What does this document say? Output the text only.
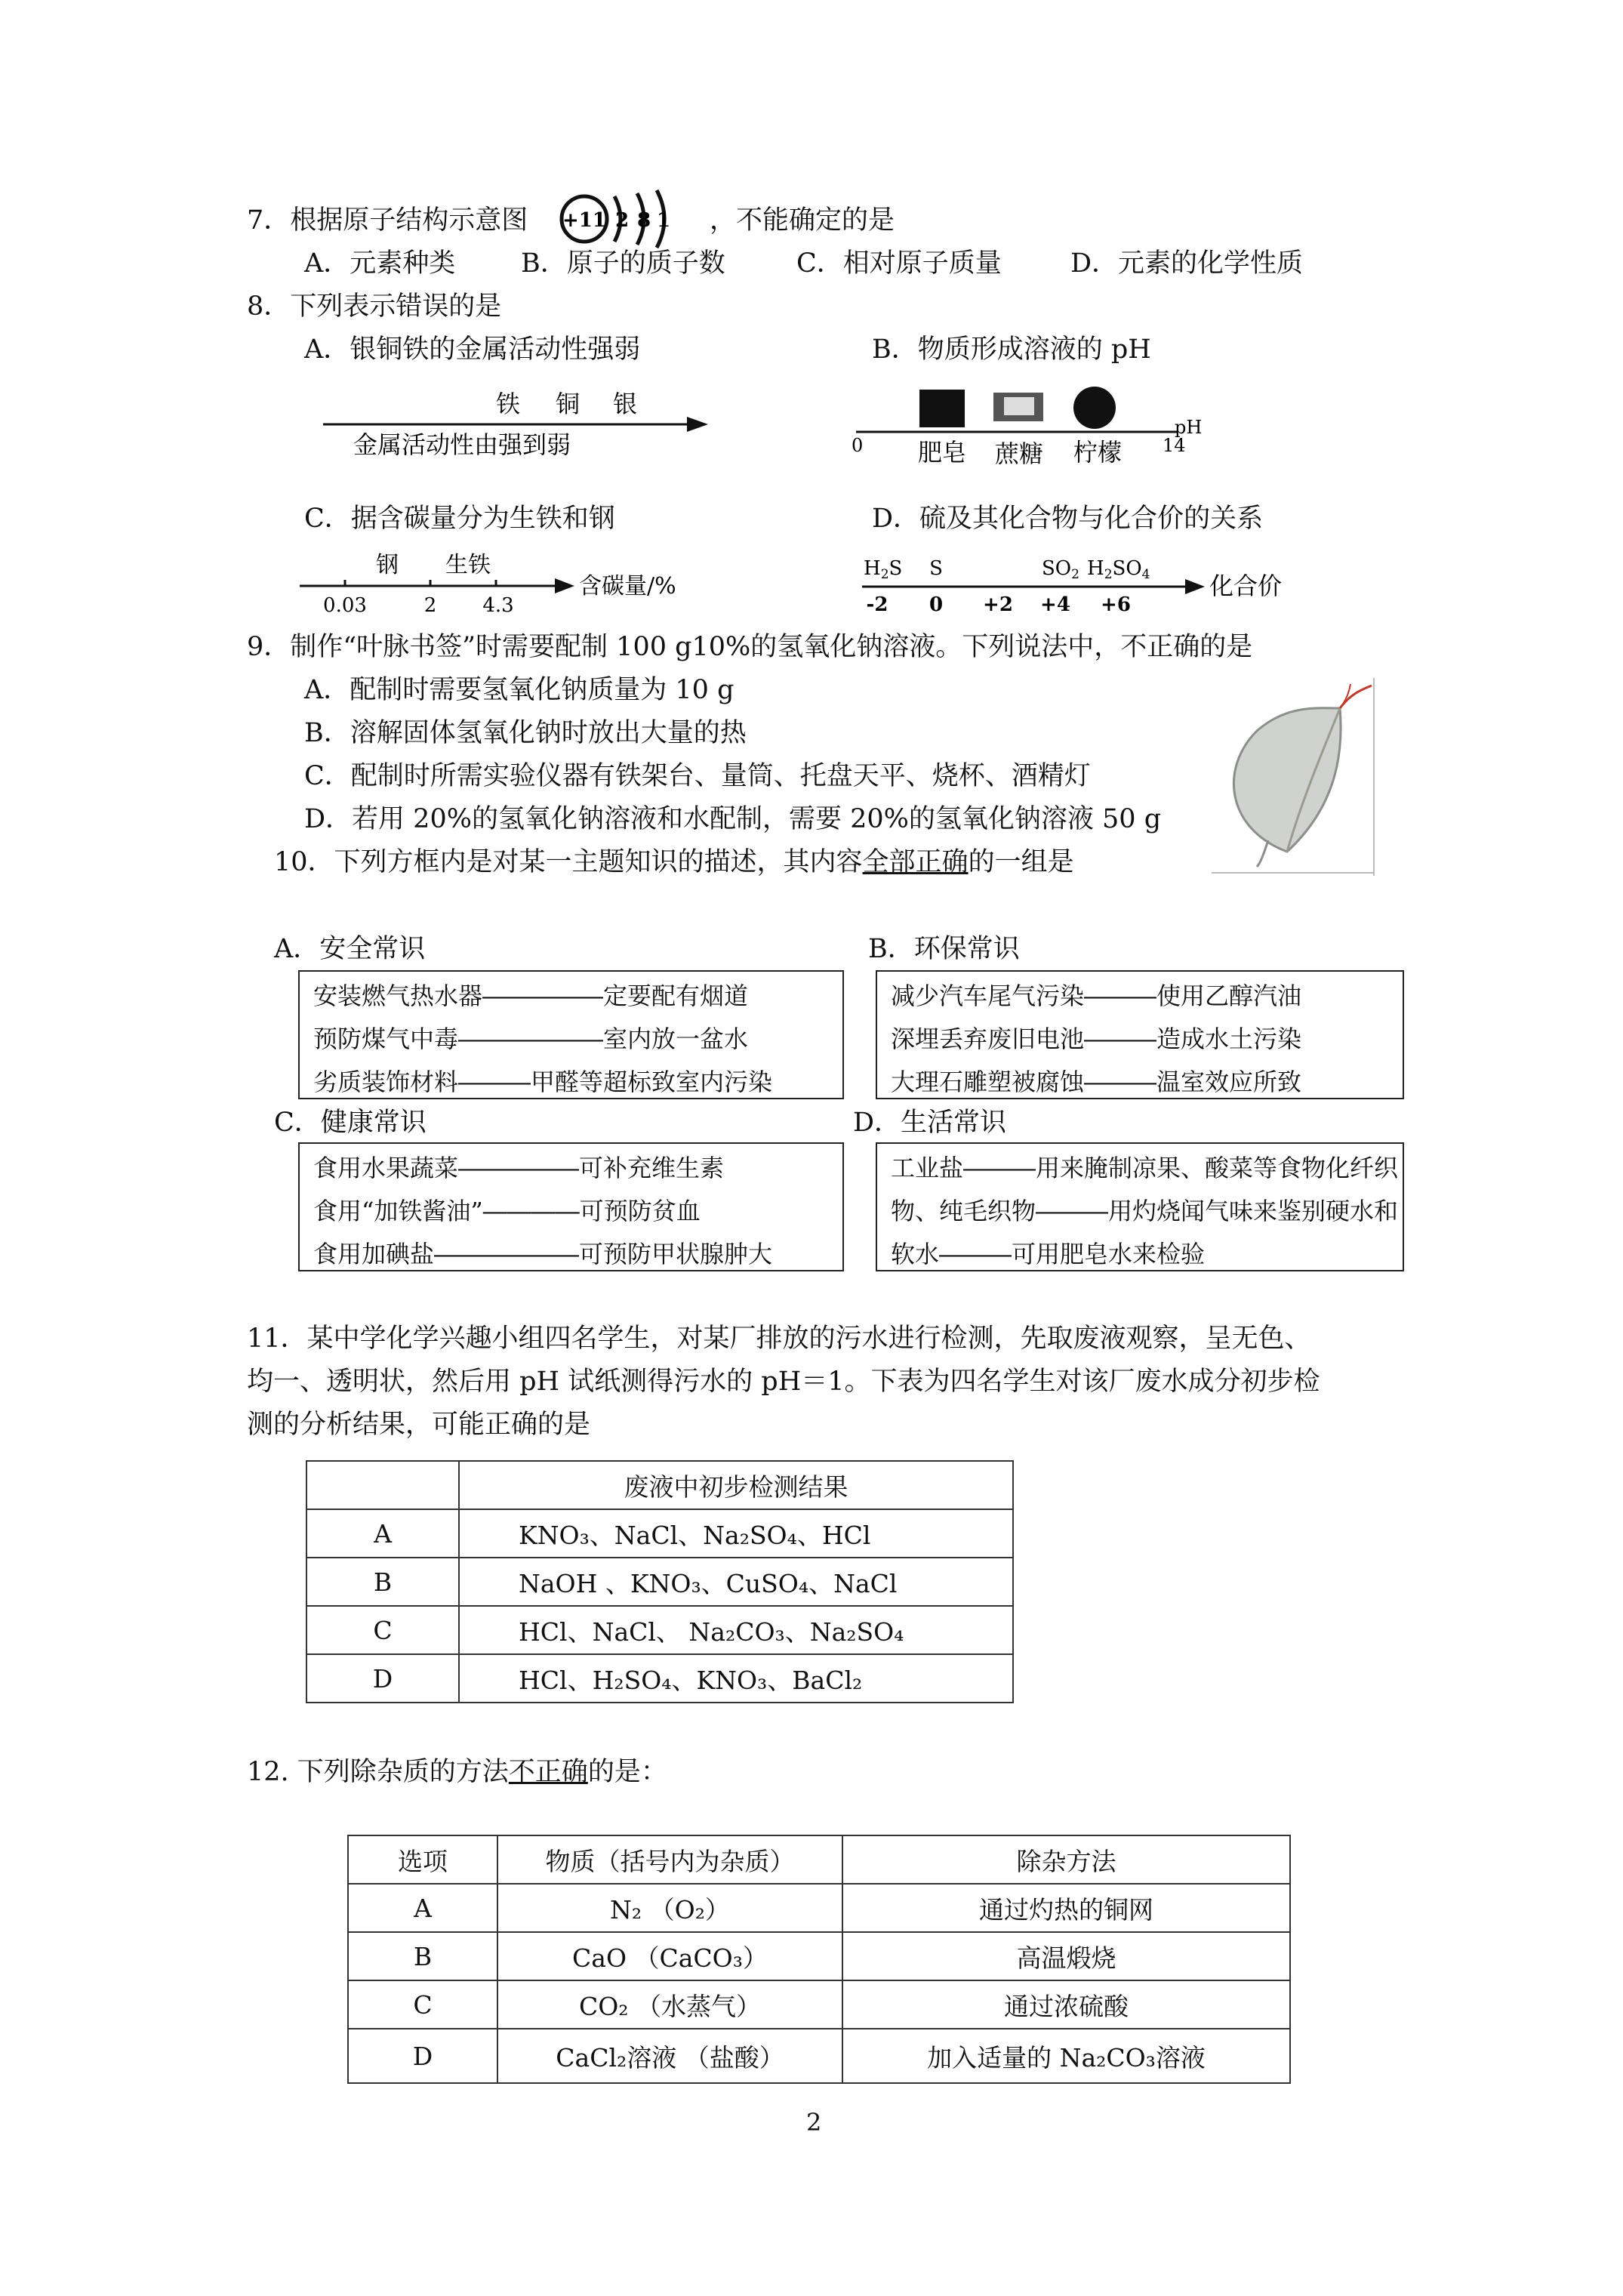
7．根据原子结构示意图 +11 2 8 1 ，不能确定的是
A．元素种类 B．原子的质子数	C．相对原子质量	D．元素的化学性质
8．下列表示错误的是
A．银铜铁的金属活动性强弱	B．物质形成溶液的 pH
铁 铜 银
金属活动性由强到弱	0	14
pH
肥皂 蔗糖 柠檬
C．据含碳量分为生铁和钢	D．硫及其化合物与化合价的关系
钢 生铁
0.03	2 4.3
含碳量/%
H2S S	SO2 H2SO4
-2 0 +2 +4 +6
化合价
9．制作“叶脉书签”时需要配制 100 g10%的氢氧化钠溶液。下列说法中，不正确的是
A．配制时需要氢氧化钠质量为 10 g
B．溶解固体氢氧化钠时放出大量的热
C．配制时所需实验仪器有铁架台、量筒、托盘天平、烧杯、酒精灯
D．若用 20%的氢氧化钠溶液和水配制，需要 20%的氢氧化钠溶液 50 g
10．下列方框内是对某一主题知识的描述，其内容全部正确的一组是
A．安全常识	B．环保常识
安装燃气热水器―――――定要配有烟道
预防煤气中毒――――――室内放一盆水
劣质装饰材料―――甲醛等超标致室内污染
减少汽车尾气污染―――使用乙醇汽油
深埋丢弃废旧电池―――造成水土污染
大理石雕塑被腐蚀―――温室效应所致
C．健康常识	D．生活常识
食用水果蔬菜―――――可补充维生素
食用“加铁酱油”――――可预防贫血
食用加碘盐――――――可预防甲状腺肿大
工业盐―――用来腌制凉果、酸菜等食物化纤织
物、纯毛织物―――用灼烧闻气味来鉴别硬水和
软水―――可用肥皂水来检验
11．某中学化学兴趣小组四名学生，对某厂排放的污水进行检测，先取废液观察，呈无色、
均一、透明状，然后用 pH 试纸测得污水的 pH＝1。下表为四名学生对该厂废水成分初步检
测的分析结果，可能正确的是
	废液中初步检测结果
A	KNO₃、NaCl、Na₂SO₄、HCl
B	NaOH 、KNO₃、CuSO₄、NaCl
C	HCl、NaCl、 Na₂CO₃、Na₂SO₄
D	HCl、H₂SO₄、KNO₃、BaCl₂
12. 下列除杂质的方法不正确的是：
选项	物质（括号内为杂质）	除杂方法
A	N₂ （O₂）	通过灼热的铜网
B	CaO （CaCO₃）	高温煅烧
C	CO₂ （水蒸气）	通过浓硫酸
D	CaCl₂溶液 （盐酸）	加入适量的 Na₂CO₃溶液
2
